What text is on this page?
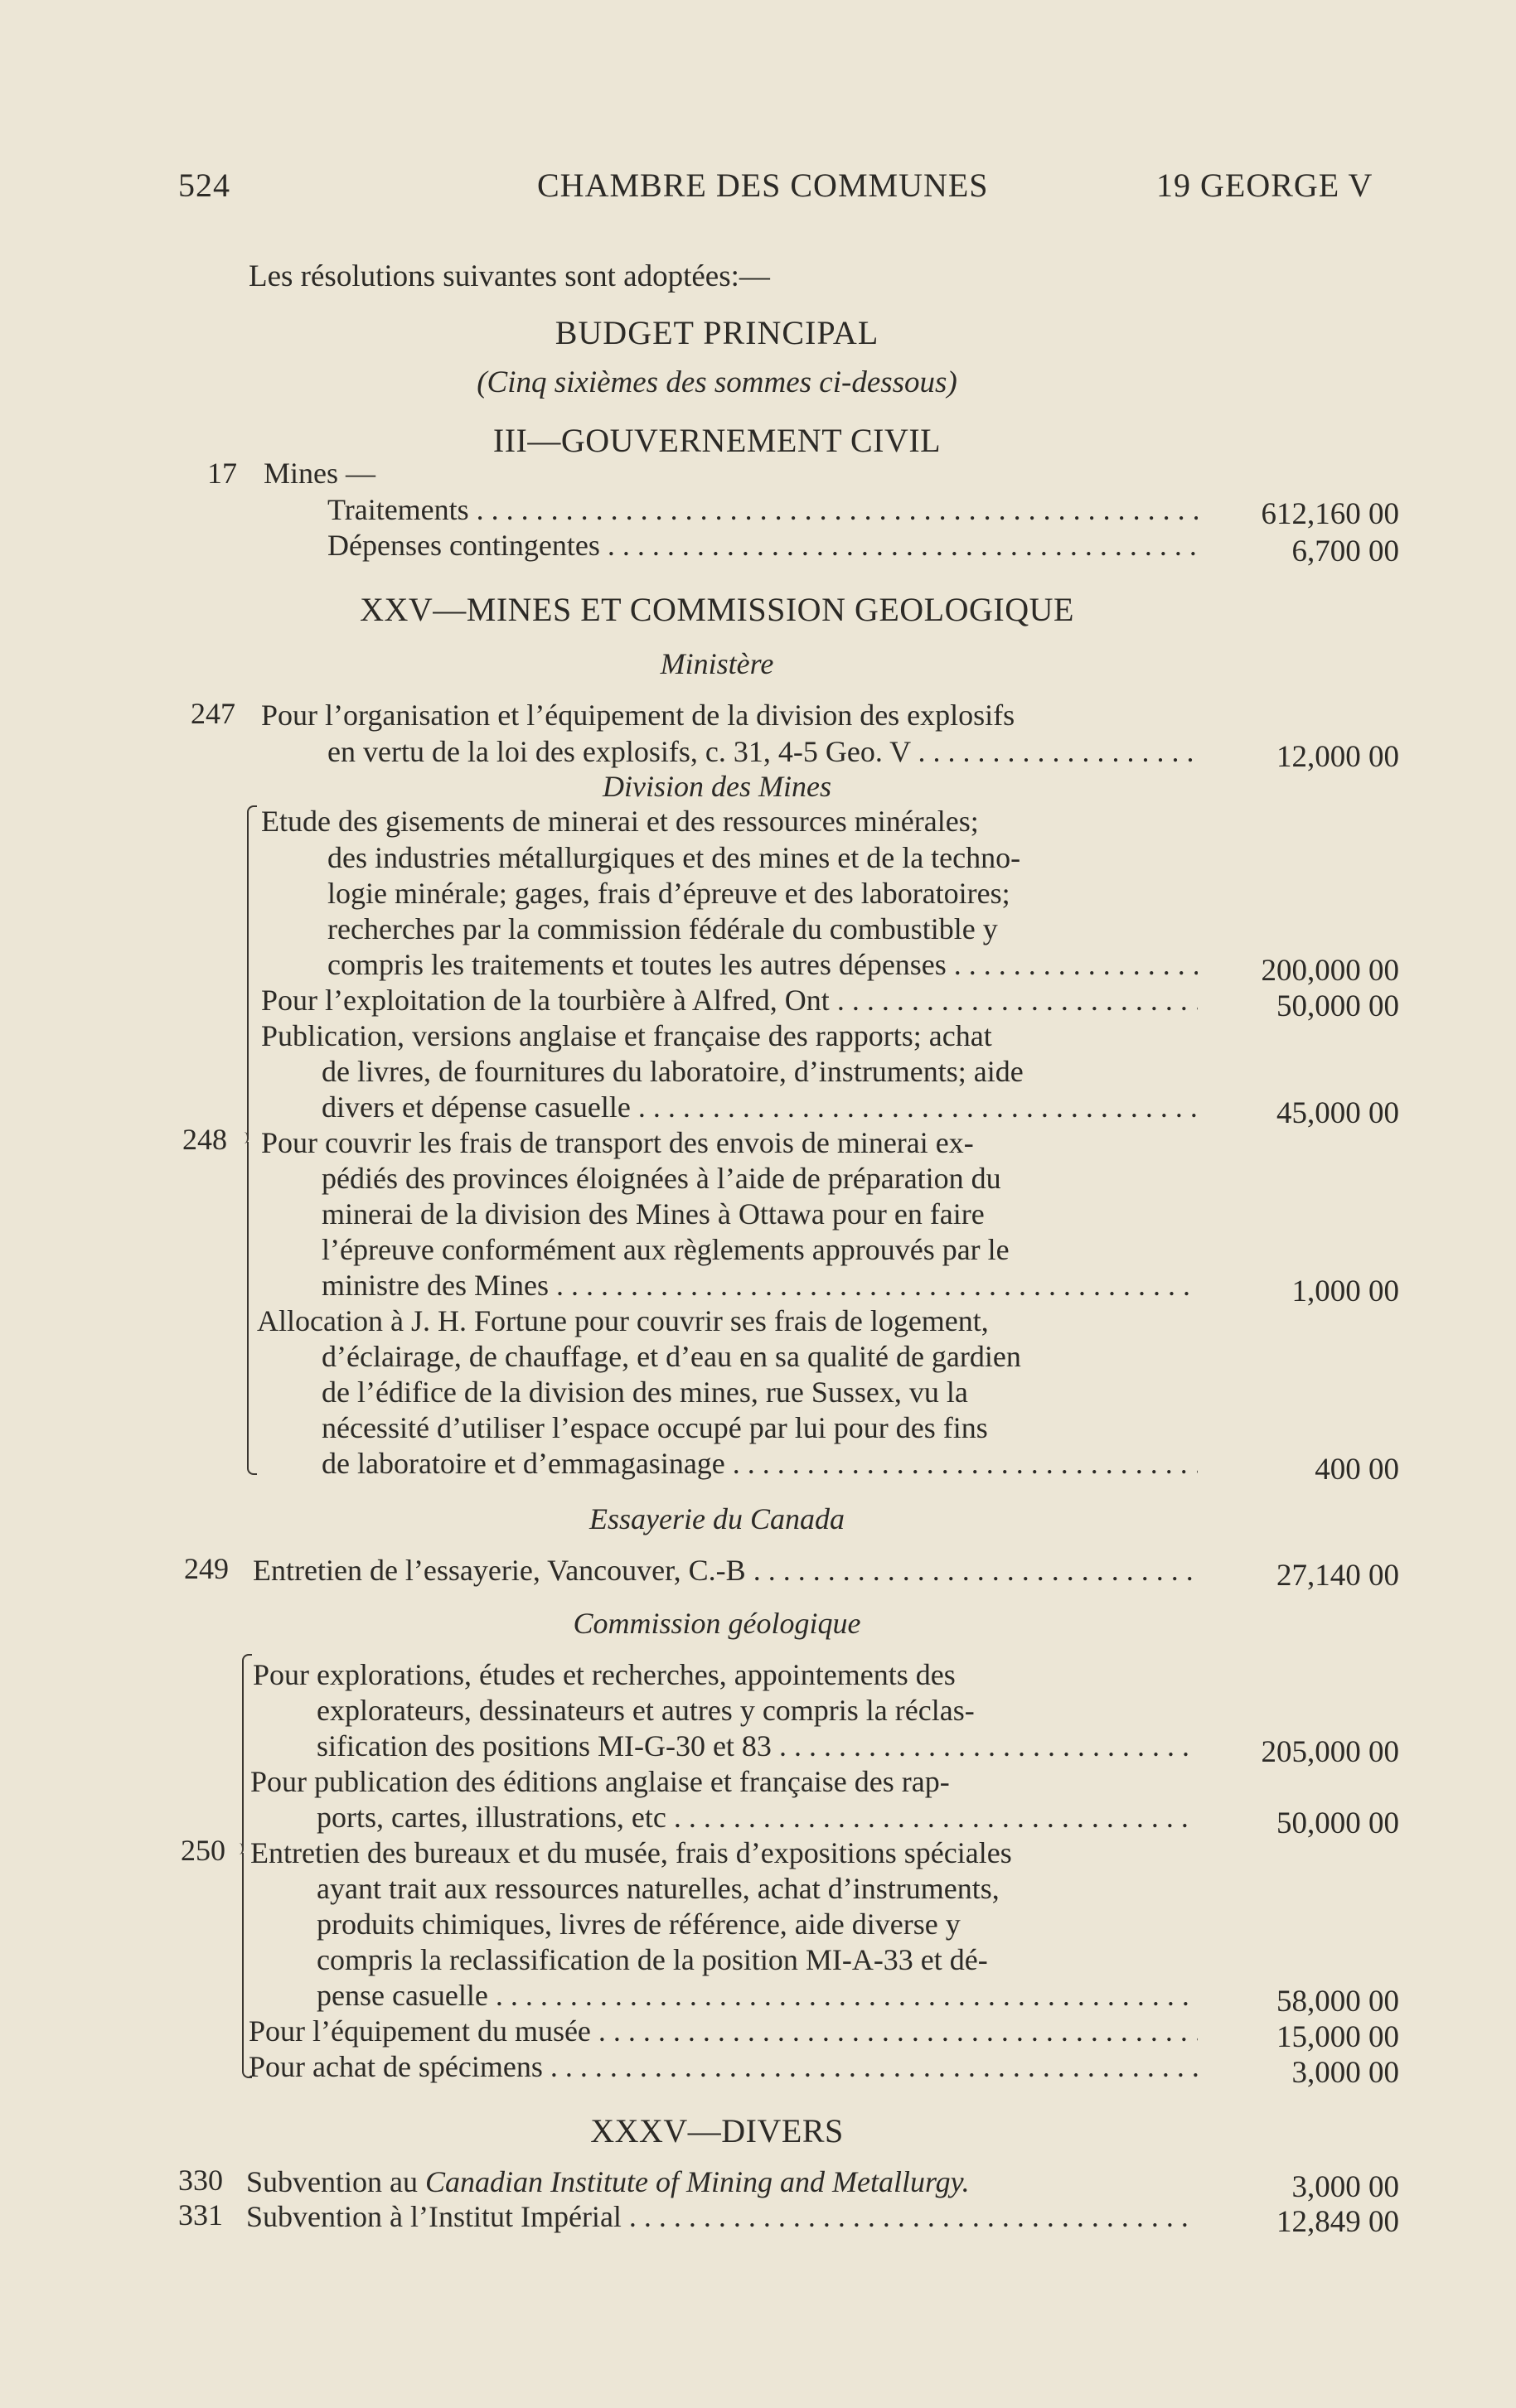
524	CHAMBRE DES COMMUNES	19 GEORGE V
Les résolutions suivantes sont adoptées:—
BUDGET PRINCIPAL
(Cinq sixièmes des sommes ci-dessous)
III—GOUVERNEMENT CIVIL
17 Mines —
Traitements . . .	612,160 00
Dépenses contingentes . . .	6,700 00
XXV—MINES ET COMMISSION GEOLOGIQUE
Ministère
247 Pour l’organisation et l’équipement de la division des explosifs
en vertu de la loi des explosifs, c. 31, 4-5 Geo. V . . .	12,000 00
Division des Mines
248
Etude des gisements de minerai et des ressources minérales;
des industries métallurgiques et des mines et de la techno-
logie minérale; gages, frais d’épreuve et des laboratoires;
recherches par la commission fédérale du combustible y
compris les traitements et toutes les autres dépenses . . .	200,000 00
Pour l’exploitation de la tourbière à Alfred, Ont . . .	50,000 00
Publication, versions anglaise et française des rapports; achat
de livres, de fournitures du laboratoire, d’instruments; aide
divers et dépense casuelle . . .	45,000 00
Pour couvrir les frais de transport des envois de minerai ex-
pédiés des provinces éloignées à l’aide de préparation du
minerai de la division des Mines à Ottawa pour en faire
l’épreuve conformément aux règlements approuvés par le
ministre des Mines . . .	1,000 00
Allocation à J. H. Fortune pour couvrir ses frais de logement,
d’éclairage, de chauffage, et d’eau en sa qualité de gardien
de l’édifice de la division des mines, rue Sussex, vu la
nécessité d’utiliser l’espace occupé par lui pour des fins
de laboratoire et d’emmagasinage . . .	400 00
Essayerie du Canada
249 Entretien de l’essayerie, Vancouver, C.-B . . .	27,140 00
Commission géologique
250
Pour explorations, études et recherches, appointements des
explorateurs, dessinateurs et autres y compris la réclas-
sification des positions MI-G-30 et 83 . . .	205,000 00
Pour publication des éditions anglaise et française des rap-
ports, cartes, illustrations, etc . . .	50,000 00
Entretien des bureaux et du musée, frais d’expositions spéciales
ayant trait aux ressources naturelles, achat d’instruments,
produits chimiques, livres de référence, aide diverse y
compris la reclassification de la position MI-A-33 et dé-
pense casuelle . . .	58,000 00
Pour l’équipement du musée . . .	15,000 00
Pour achat de spécimens . . .	3,000 00
XXXV—DIVERS
330 Subvention au Canadian Institute of Mining and Metallurgy.	3,000 00
331 Subvention à l’Institut Impérial . . .	12,849 00
